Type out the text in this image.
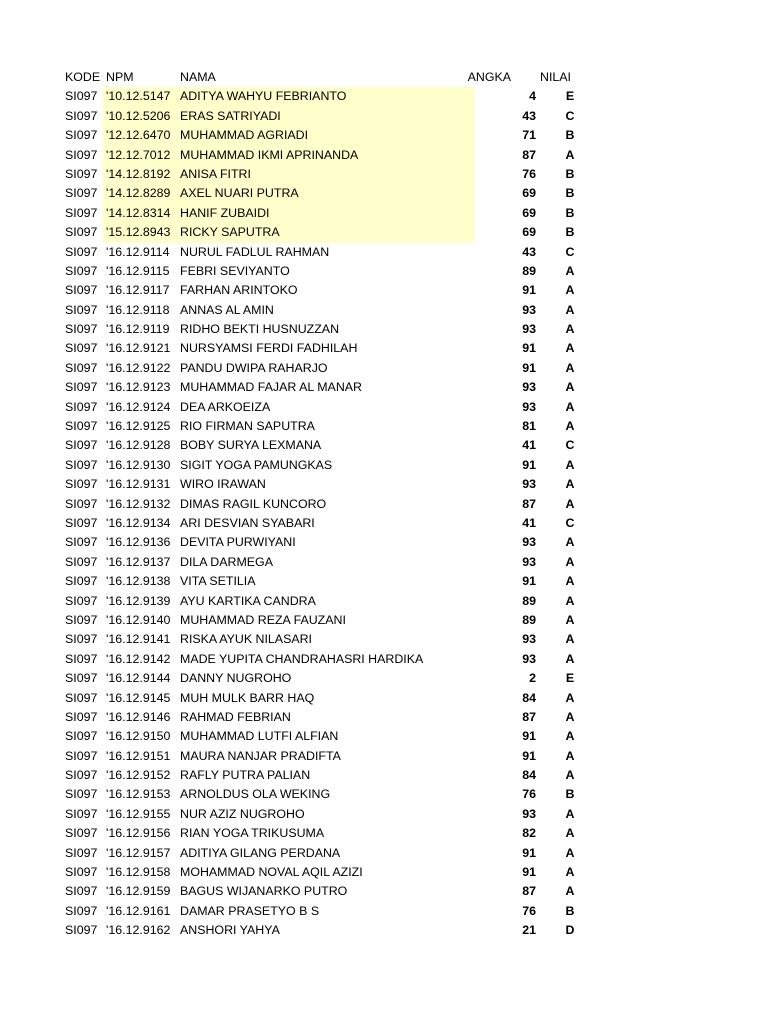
KODE NPM	NAMA	ANGKA NILAI
SI097 '10.12.5147 ADITYA WAHYU FEBRIANTO	4	E
SI097 '10.12.5206 ERAS SATRIYADI	43	C
SI097 '12.12.6470 MUHAMMAD AGRIADI	71	B
SI097 '12.12.7012 MUHAMMAD IKMI APRINANDA	87	A
SI097 '14.12.8192 ANISA FITRI	76	B
SI097 '14.12.8289 AXEL NUARI PUTRA	69	B
SI097 '14.12.8314 HANIF ZUBAIDI	69	B
SI097 '15.12.8943 RICKY SAPUTRA	69	B
SI097 '16.12.9114 NURUL FADLUL RAHMAN	43	C
SI097 '16.12.9115 FEBRI SEVIYANTO	89	A
SI097 '16.12.9117 FARHAN ARINTOKO	91	A
SI097 '16.12.9118 ANNAS AL AMIN	93	A
SI097 '16.12.9119 RIDHO BEKTI HUSNUZZAN	93	A
SI097 '16.12.9121 NURSYAMSI FERDI FADHILAH	91	A
SI097 '16.12.9122 PANDU DWIPA RAHARJO	91	A
SI097 '16.12.9123 MUHAMMAD FAJAR AL MANAR	93	A
SI097 '16.12.9124 DEA ARKOEIZA	93	A
SI097 '16.12.9125 RIO FIRMAN SAPUTRA	81	A
SI097 '16.12.9128 BOBY SURYA LEXMANA	41	C
SI097 '16.12.9130 SIGIT YOGA PAMUNGKAS	91	A
SI097 '16.12.9131 WIRO IRAWAN	93	A
SI097 '16.12.9132 DIMAS RAGIL KUNCORO	87	A
SI097 '16.12.9134 ARI DESVIAN SYABARI	41	C
SI097 '16.12.9136 DEVITA PURWIYANI	93	A
SI097 '16.12.9137 DILA DARMEGA	93	A
SI097 '16.12.9138 VITA SETILIA	91	A
SI097 '16.12.9139 AYU KARTIKA CANDRA	89	A
SI097 '16.12.9140 MUHAMMAD REZA FAUZANI	89	A
SI097 '16.12.9141 RISKA AYUK NILASARI	93	A
SI097 '16.12.9142 MADE YUPITA CHANDRAHASRI HARDIKA	93	A
SI097 '16.12.9144 DANNY NUGROHO	2	E
SI097 '16.12.9145 MUH MULK BARR HAQ	84	A
SI097 '16.12.9146 RAHMAD FEBRIAN	87	A
SI097 '16.12.9150 MUHAMMAD LUTFI ALFIAN	91	A
SI097 '16.12.9151 MAURA NANJAR PRADIFTA	91	A
SI097 '16.12.9152 RAFLY PUTRA PALIAN	84	A
SI097 '16.12.9153 ARNOLDUS OLA WEKING	76	B
SI097 '16.12.9155 NUR AZIZ NUGROHO	93	A
SI097 '16.12.9156 RIAN YOGA TRIKUSUMA	82	A
SI097 '16.12.9157 ADITIYA GILANG PERDANA	91	A
SI097 '16.12.9158 MOHAMMAD NOVAL AQIL AZIZI	91	A
SI097 '16.12.9159 BAGUS WIJANARKO PUTRO	87	A
SI097 '16.12.9161 DAMAR PRASETYO B S	76	B
SI097 '16.12.9162 ANSHORI YAHYA	21	D
